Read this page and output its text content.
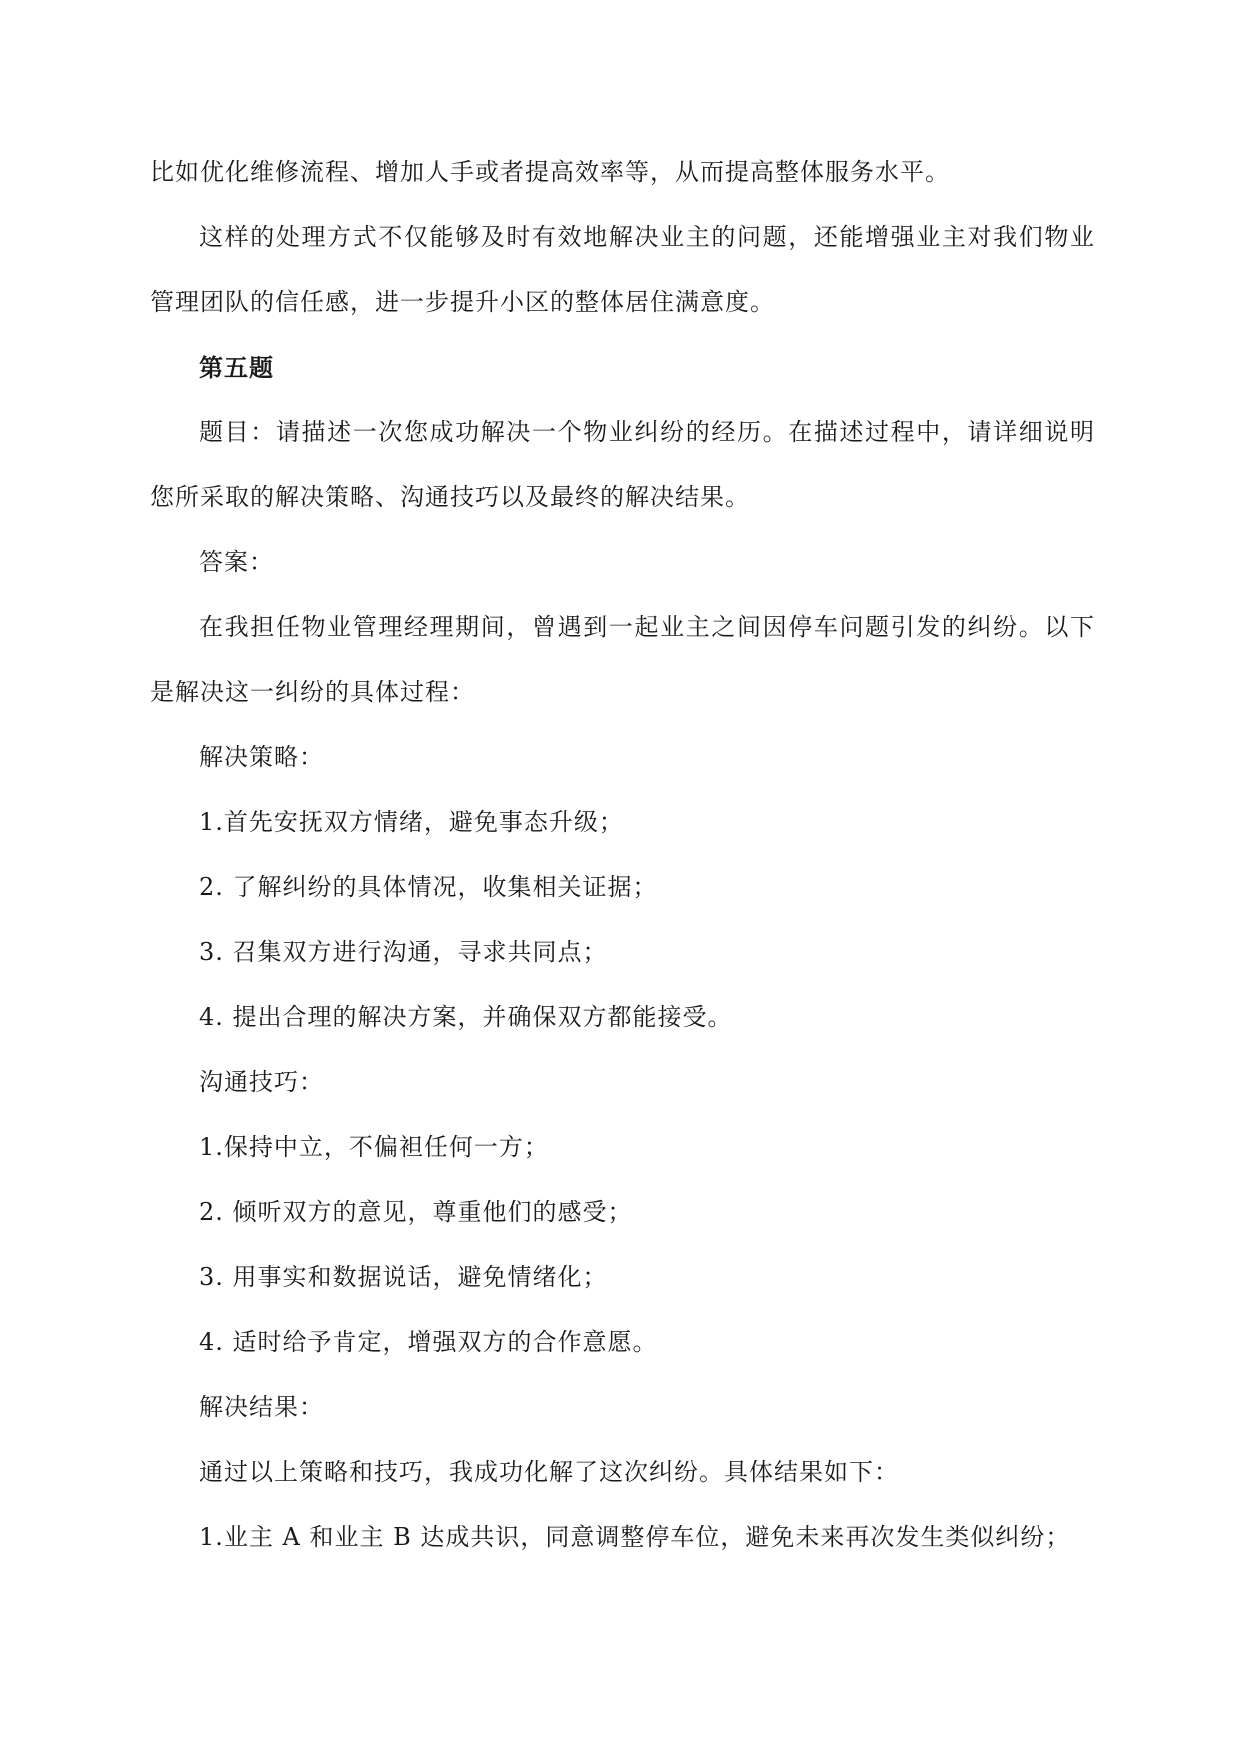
比如优化维修流程、增加人手或者提高效率等，从而提高整体服务水平。

这样的处理方式不仅能够及时有效地解决业主的问题，还能增强业主对我们物业管理团队的信任感，进一步提升小区的整体居住满意度。

第五题

题目：请描述一次您成功解决一个物业纠纷的经历。在描述过程中，请详细说明您所采取的解决策略、沟通技巧以及最终的解决结果。

答案：

在我担任物业管理经理期间，曾遇到一起业主之间因停车问题引发的纠纷。以下是解决这一纠纷的具体过程：

解决策略：

1.首先安抚双方情绪，避免事态升级；

2. 了解纠纷的具体情况，收集相关证据；

3. 召集双方进行沟通，寻求共同点；

4. 提出合理的解决方案，并确保双方都能接受。

沟通技巧：

1.保持中立，不偏袒任何一方；

2. 倾听双方的意见，尊重他们的感受；

3. 用事实和数据说话，避免情绪化；

4. 适时给予肯定，增强双方的合作意愿。

解决结果：

通过以上策略和技巧，我成功化解了这次纠纷。具体结果如下：

1.业主 A 和业主 B 达成共识，同意调整停车位，避免未来再次发生类似纠纷；
